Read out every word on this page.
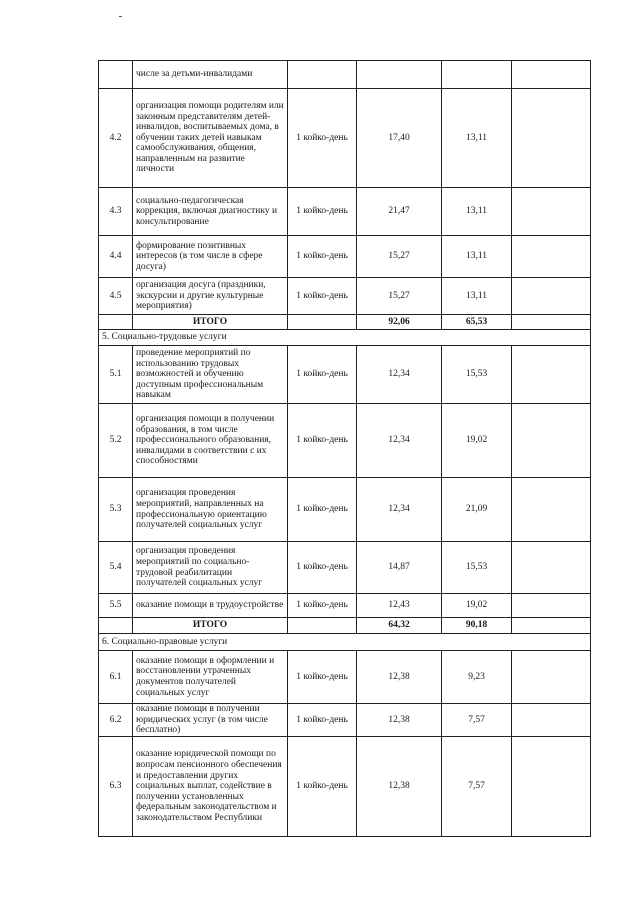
	числе за детьми-инвалидами				
4.2	организация помощи родителям или законным представителям детей-инвалидов, воспитываемых дома, в обучении таких детей навыкам самообслуживания, общения, направленным на развитие личности	1 койко-день	17,40	13,11	
4.3	социально-педагогическая коррекция, включая диагностику и консультирование	1 койко-день	21,47	13,11	
4.4	формирование позитивных интересов (в том числе в сфере досуга)	1 койко-день	15,27	13,11	
4.5	организация досуга (праздники, экскурсии и другие культурные мероприятия)	1 койко-день	15,27	13,11	
	ИТОГО		92,06	65,53	
5. Социально-трудовые услуги					
5.1	проведение мероприятий по использованию трудовых возможностей и обучению доступным профессиональным навыкам	1 койко-день	12,34	15,53	
5.2	организация помощи в получении образования, в том числе профессионального образования, инвалидами в соответствии с их способностями	1 койко-день	12,34	19,02	
5.3	организация проведения мероприятий, направленных на профессиональную ориентацию получателей социальных услуг	1 койко-день	12,34	21,09	
5.4	организация проведения мероприятий по социально-трудовой реабилитации получателей социальных услуг	1 койко-день	14,87	15,53	
5.5	оказание помощи в трудоустройстве	1 койко-день	12,43	19,02	
	ИТОГО		64,32	90,18	
6. Социально-правовые услуги					
6.1	оказание помощи в оформлении и восстановлении утраченных документов получателей социальных услуг	1 койко-день	12,38	9,23	
6.2	оказание помощи в получении юридических услуг (в том числе бесплатно)	1 койко-день	12,38	7,57	
6.3	оказание юридической помощи по вопросам пенсионного обеспечения и предоставления других социальных выплат, содействие в получении установленных федеральным законодательством и законодательством Республики	1 койко-день	12,38	7,57	
